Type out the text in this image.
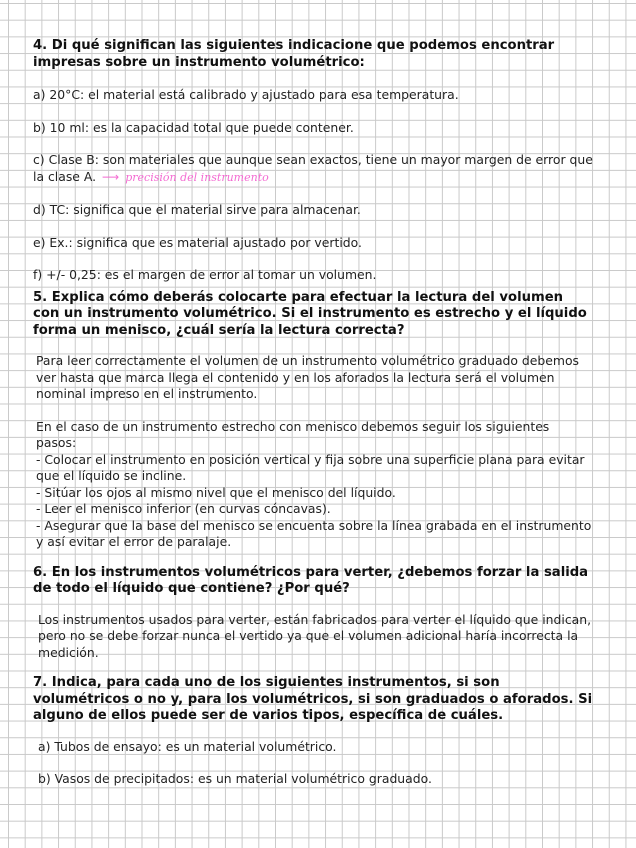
4. Di qué significan las siguientes indicacione que podemos encontrar impresas sobre un instrumento volumétrico:

a) 20°C: el material está calibrado y ajustado para esa temperatura.

b) 10 ml: es la capacidad total que puede contener.

c) Clase B: son materiales que aunque sean exactos, tiene un mayor margen de error que la clase A. ⟶ precisión del instrumento

d) TC: significa que el material sirve para almacenar.

e) Ex.: significa que es material ajustado por vertido.

f) +/- 0,25: es el margen de error al tomar un volumen.

5. Explica cómo deberás colocarte para efectuar la lectura del volumen con un instrumento volumétrico. Si el instrumento es estrecho y el líquido forma un menisco, ¿cuál sería la lectura correcta?

Para leer correctamente el volumen de un instrumento volumétrico graduado debemos ver hasta que marca llega el contenido y en los aforados la lectura será el volumen nominal impreso en el instrumento.

En el caso de un instrumento estrecho con menisco debemos seguir los siguientes pasos:

- Colocar el instrumento en posición vertical y fija sobre una superficie plana para evitar que el líquido se incline.

- Sitúar los ojos al mismo nivel que el menisco del líquido.

- Leer el menisco inferior (en curvas cóncavas).

- Asegurar que la base del menisco se encuenta sobre la línea grabada en el instrumento y así evitar el error de paralaje.

6. En los instrumentos volumétricos para verter, ¿debemos forzar la salida de todo el líquido que contiene? ¿Por qué?

Los instrumentos usados para verter, están fabricados para verter el líquido que indican, pero no se debe forzar nunca el vertido ya que el volumen adicional haría incorrecta la medición.

7. Indica, para cada uno de los siguientes instrumentos, si son volumétricos o no y, para los volumétricos, si son graduados o aforados. Si alguno de ellos puede ser de varios tipos, específica de cuáles.

a) Tubos de ensayo: es un material volumétrico.

b) Vasos de precipitados: es un material volumétrico graduado.
